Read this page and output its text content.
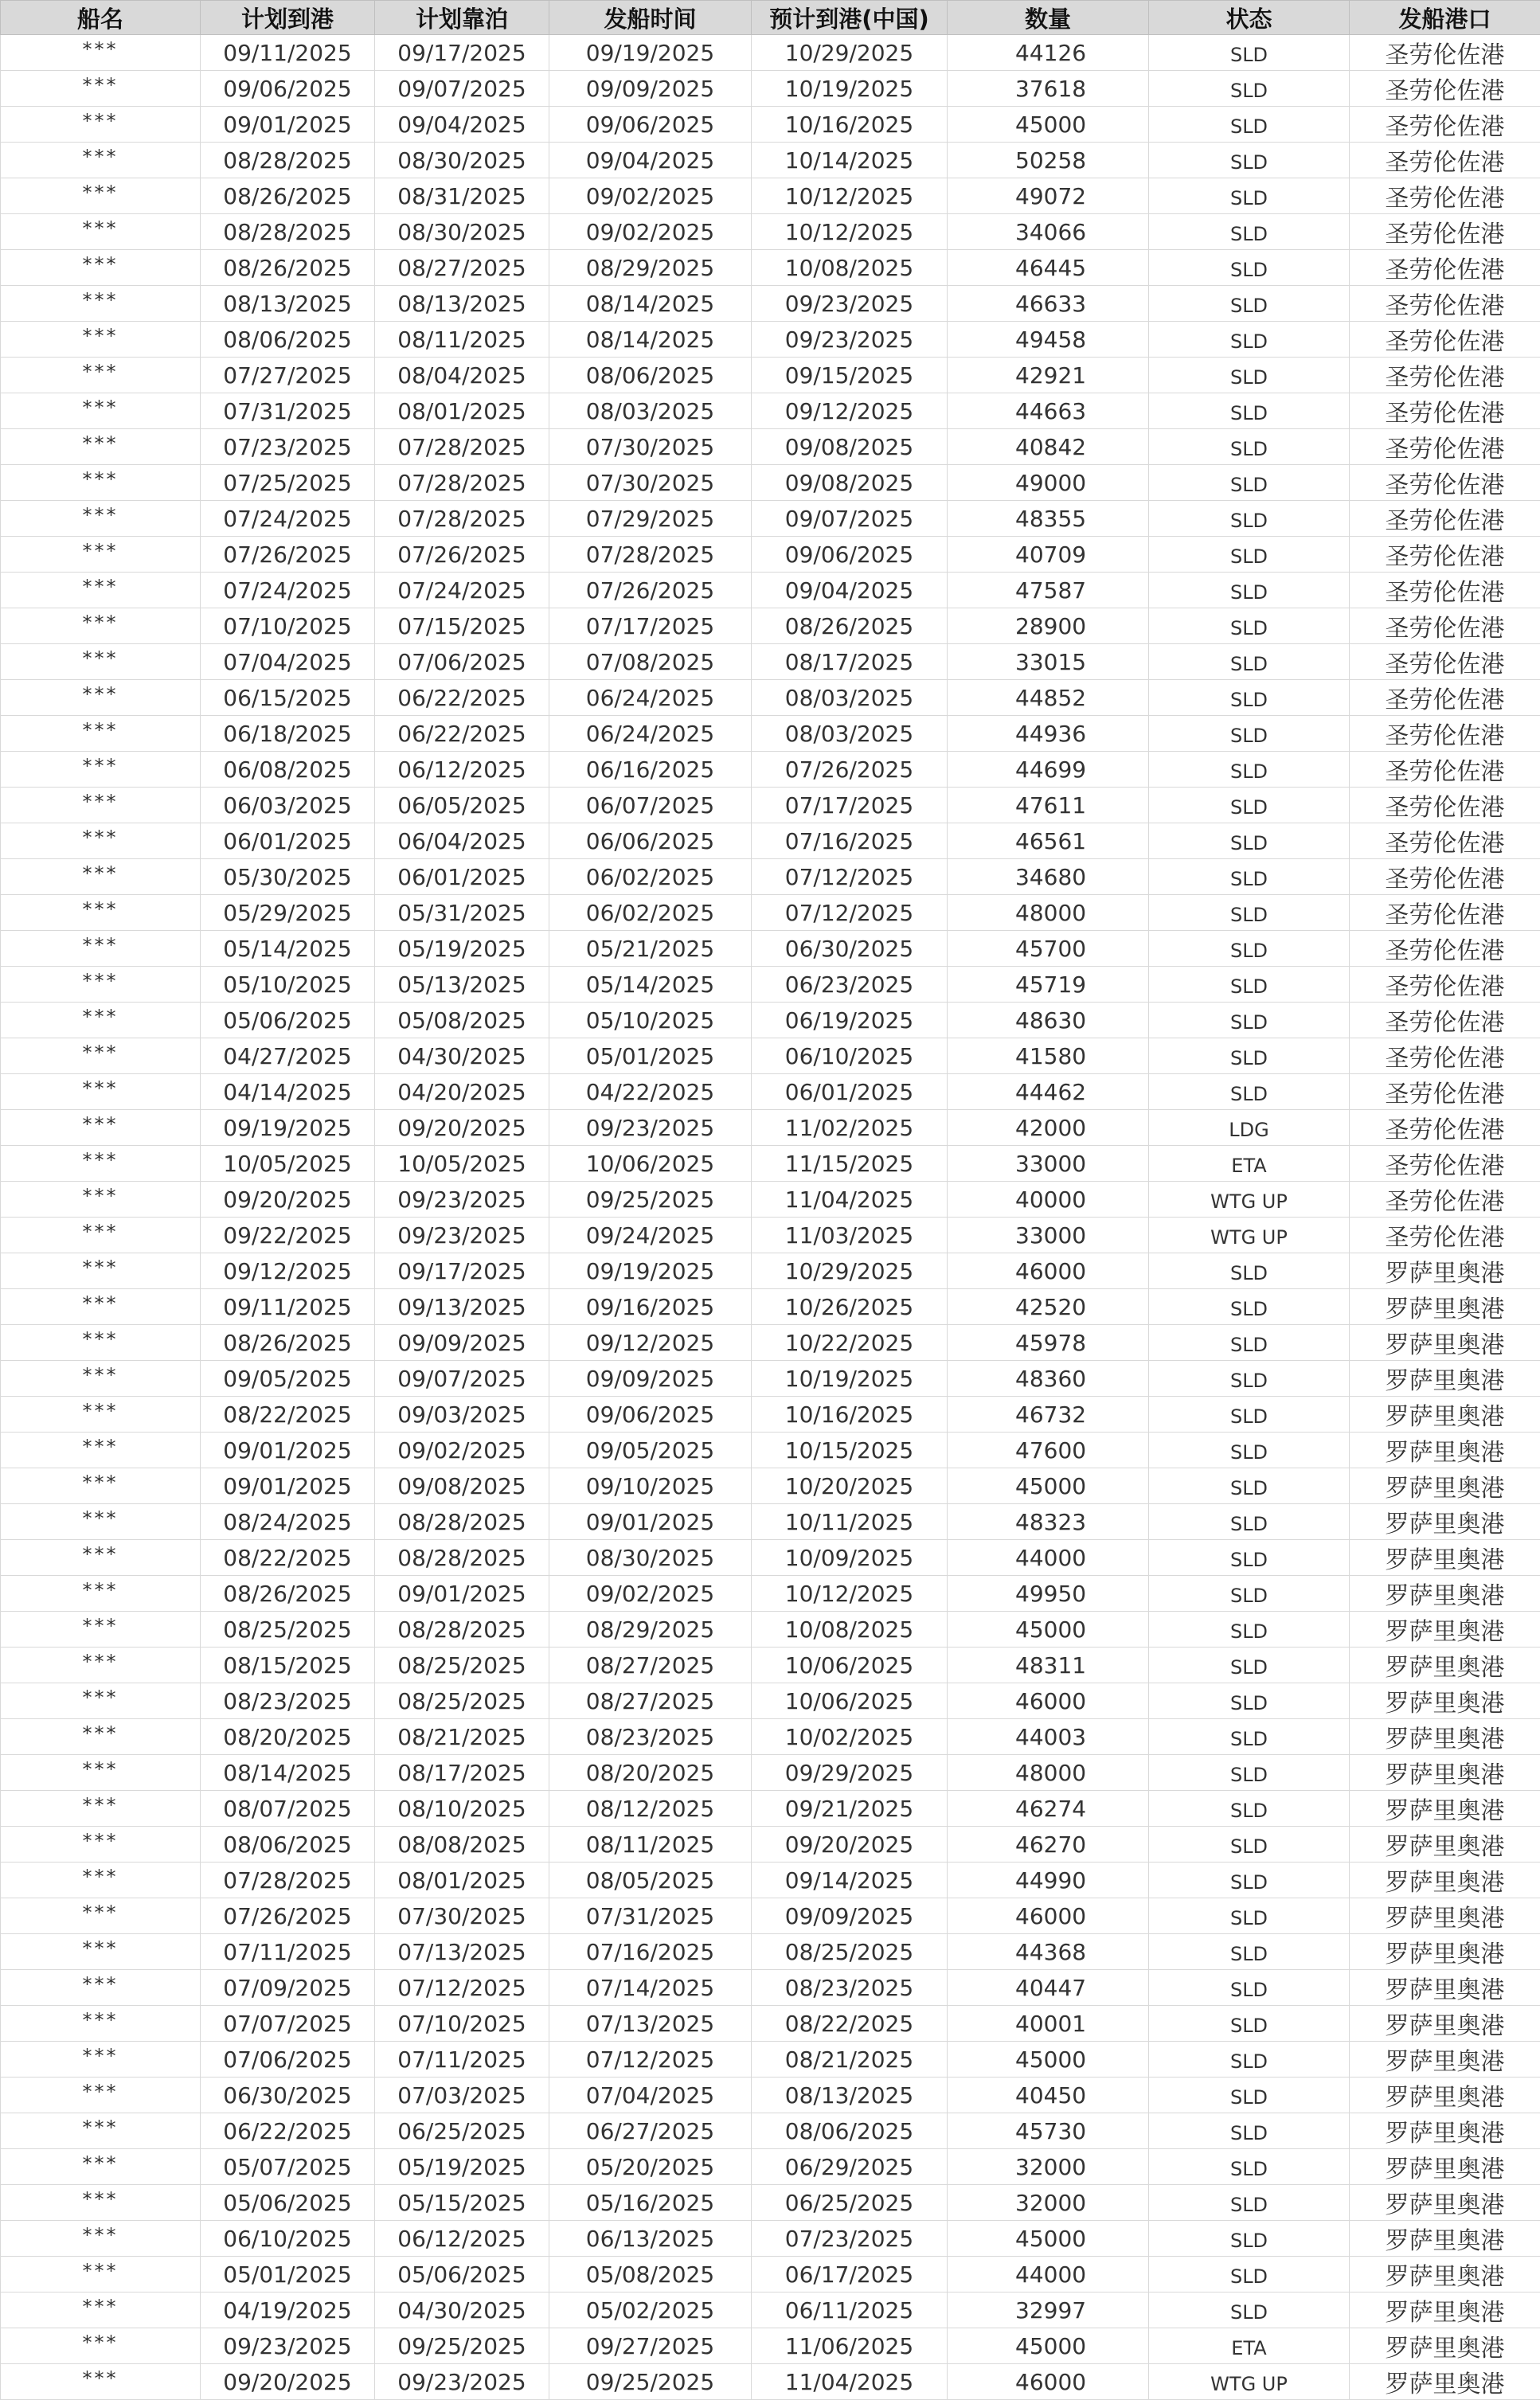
船名	计划到港	计划靠泊	发船时间	预计到港(中国)	数量	状态	发船港口
***	09/11/2025	09/17/2025	09/19/2025	10/29/2025	44126	SLD	圣劳伦佐港
***	09/06/2025	09/07/2025	09/09/2025	10/19/2025	37618	SLD	圣劳伦佐港
***	09/01/2025	09/04/2025	09/06/2025	10/16/2025	45000	SLD	圣劳伦佐港
***	08/28/2025	08/30/2025	09/04/2025	10/14/2025	50258	SLD	圣劳伦佐港
***	08/26/2025	08/31/2025	09/02/2025	10/12/2025	49072	SLD	圣劳伦佐港
***	08/28/2025	08/30/2025	09/02/2025	10/12/2025	34066	SLD	圣劳伦佐港
***	08/26/2025	08/27/2025	08/29/2025	10/08/2025	46445	SLD	圣劳伦佐港
***	08/13/2025	08/13/2025	08/14/2025	09/23/2025	46633	SLD	圣劳伦佐港
***	08/06/2025	08/11/2025	08/14/2025	09/23/2025	49458	SLD	圣劳伦佐港
***	07/27/2025	08/04/2025	08/06/2025	09/15/2025	42921	SLD	圣劳伦佐港
***	07/31/2025	08/01/2025	08/03/2025	09/12/2025	44663	SLD	圣劳伦佐港
***	07/23/2025	07/28/2025	07/30/2025	09/08/2025	40842	SLD	圣劳伦佐港
***	07/25/2025	07/28/2025	07/30/2025	09/08/2025	49000	SLD	圣劳伦佐港
***	07/24/2025	07/28/2025	07/29/2025	09/07/2025	48355	SLD	圣劳伦佐港
***	07/26/2025	07/26/2025	07/28/2025	09/06/2025	40709	SLD	圣劳伦佐港
***	07/24/2025	07/24/2025	07/26/2025	09/04/2025	47587	SLD	圣劳伦佐港
***	07/10/2025	07/15/2025	07/17/2025	08/26/2025	28900	SLD	圣劳伦佐港
***	07/04/2025	07/06/2025	07/08/2025	08/17/2025	33015	SLD	圣劳伦佐港
***	06/15/2025	06/22/2025	06/24/2025	08/03/2025	44852	SLD	圣劳伦佐港
***	06/18/2025	06/22/2025	06/24/2025	08/03/2025	44936	SLD	圣劳伦佐港
***	06/08/2025	06/12/2025	06/16/2025	07/26/2025	44699	SLD	圣劳伦佐港
***	06/03/2025	06/05/2025	06/07/2025	07/17/2025	47611	SLD	圣劳伦佐港
***	06/01/2025	06/04/2025	06/06/2025	07/16/2025	46561	SLD	圣劳伦佐港
***	05/30/2025	06/01/2025	06/02/2025	07/12/2025	34680	SLD	圣劳伦佐港
***	05/29/2025	05/31/2025	06/02/2025	07/12/2025	48000	SLD	圣劳伦佐港
***	05/14/2025	05/19/2025	05/21/2025	06/30/2025	45700	SLD	圣劳伦佐港
***	05/10/2025	05/13/2025	05/14/2025	06/23/2025	45719	SLD	圣劳伦佐港
***	05/06/2025	05/08/2025	05/10/2025	06/19/2025	48630	SLD	圣劳伦佐港
***	04/27/2025	04/30/2025	05/01/2025	06/10/2025	41580	SLD	圣劳伦佐港
***	04/14/2025	04/20/2025	04/22/2025	06/01/2025	44462	SLD	圣劳伦佐港
***	09/19/2025	09/20/2025	09/23/2025	11/02/2025	42000	LDG	圣劳伦佐港
***	10/05/2025	10/05/2025	10/06/2025	11/15/2025	33000	ETA	圣劳伦佐港
***	09/20/2025	09/23/2025	09/25/2025	11/04/2025	40000	WTG UP	圣劳伦佐港
***	09/22/2025	09/23/2025	09/24/2025	11/03/2025	33000	WTG UP	圣劳伦佐港
***	09/12/2025	09/17/2025	09/19/2025	10/29/2025	46000	SLD	罗萨里奥港
***	09/11/2025	09/13/2025	09/16/2025	10/26/2025	42520	SLD	罗萨里奥港
***	08/26/2025	09/09/2025	09/12/2025	10/22/2025	45978	SLD	罗萨里奥港
***	09/05/2025	09/07/2025	09/09/2025	10/19/2025	48360	SLD	罗萨里奥港
***	08/22/2025	09/03/2025	09/06/2025	10/16/2025	46732	SLD	罗萨里奥港
***	09/01/2025	09/02/2025	09/05/2025	10/15/2025	47600	SLD	罗萨里奥港
***	09/01/2025	09/08/2025	09/10/2025	10/20/2025	45000	SLD	罗萨里奥港
***	08/24/2025	08/28/2025	09/01/2025	10/11/2025	48323	SLD	罗萨里奥港
***	08/22/2025	08/28/2025	08/30/2025	10/09/2025	44000	SLD	罗萨里奥港
***	08/26/2025	09/01/2025	09/02/2025	10/12/2025	49950	SLD	罗萨里奥港
***	08/25/2025	08/28/2025	08/29/2025	10/08/2025	45000	SLD	罗萨里奥港
***	08/15/2025	08/25/2025	08/27/2025	10/06/2025	48311	SLD	罗萨里奥港
***	08/23/2025	08/25/2025	08/27/2025	10/06/2025	46000	SLD	罗萨里奥港
***	08/20/2025	08/21/2025	08/23/2025	10/02/2025	44003	SLD	罗萨里奥港
***	08/14/2025	08/17/2025	08/20/2025	09/29/2025	48000	SLD	罗萨里奥港
***	08/07/2025	08/10/2025	08/12/2025	09/21/2025	46274	SLD	罗萨里奥港
***	08/06/2025	08/08/2025	08/11/2025	09/20/2025	46270	SLD	罗萨里奥港
***	07/28/2025	08/01/2025	08/05/2025	09/14/2025	44990	SLD	罗萨里奥港
***	07/26/2025	07/30/2025	07/31/2025	09/09/2025	46000	SLD	罗萨里奥港
***	07/11/2025	07/13/2025	07/16/2025	08/25/2025	44368	SLD	罗萨里奥港
***	07/09/2025	07/12/2025	07/14/2025	08/23/2025	40447	SLD	罗萨里奥港
***	07/07/2025	07/10/2025	07/13/2025	08/22/2025	40001	SLD	罗萨里奥港
***	07/06/2025	07/11/2025	07/12/2025	08/21/2025	45000	SLD	罗萨里奥港
***	06/30/2025	07/03/2025	07/04/2025	08/13/2025	40450	SLD	罗萨里奥港
***	06/22/2025	06/25/2025	06/27/2025	08/06/2025	45730	SLD	罗萨里奥港
***	05/07/2025	05/19/2025	05/20/2025	06/29/2025	32000	SLD	罗萨里奥港
***	05/06/2025	05/15/2025	05/16/2025	06/25/2025	32000	SLD	罗萨里奥港
***	06/10/2025	06/12/2025	06/13/2025	07/23/2025	45000	SLD	罗萨里奥港
***	05/01/2025	05/06/2025	05/08/2025	06/17/2025	44000	SLD	罗萨里奥港
***	04/19/2025	04/30/2025	05/02/2025	06/11/2025	32997	SLD	罗萨里奥港
***	09/23/2025	09/25/2025	09/27/2025	11/06/2025	45000	ETA	罗萨里奥港
***	09/20/2025	09/23/2025	09/25/2025	11/04/2025	46000	WTG UP	罗萨里奥港
